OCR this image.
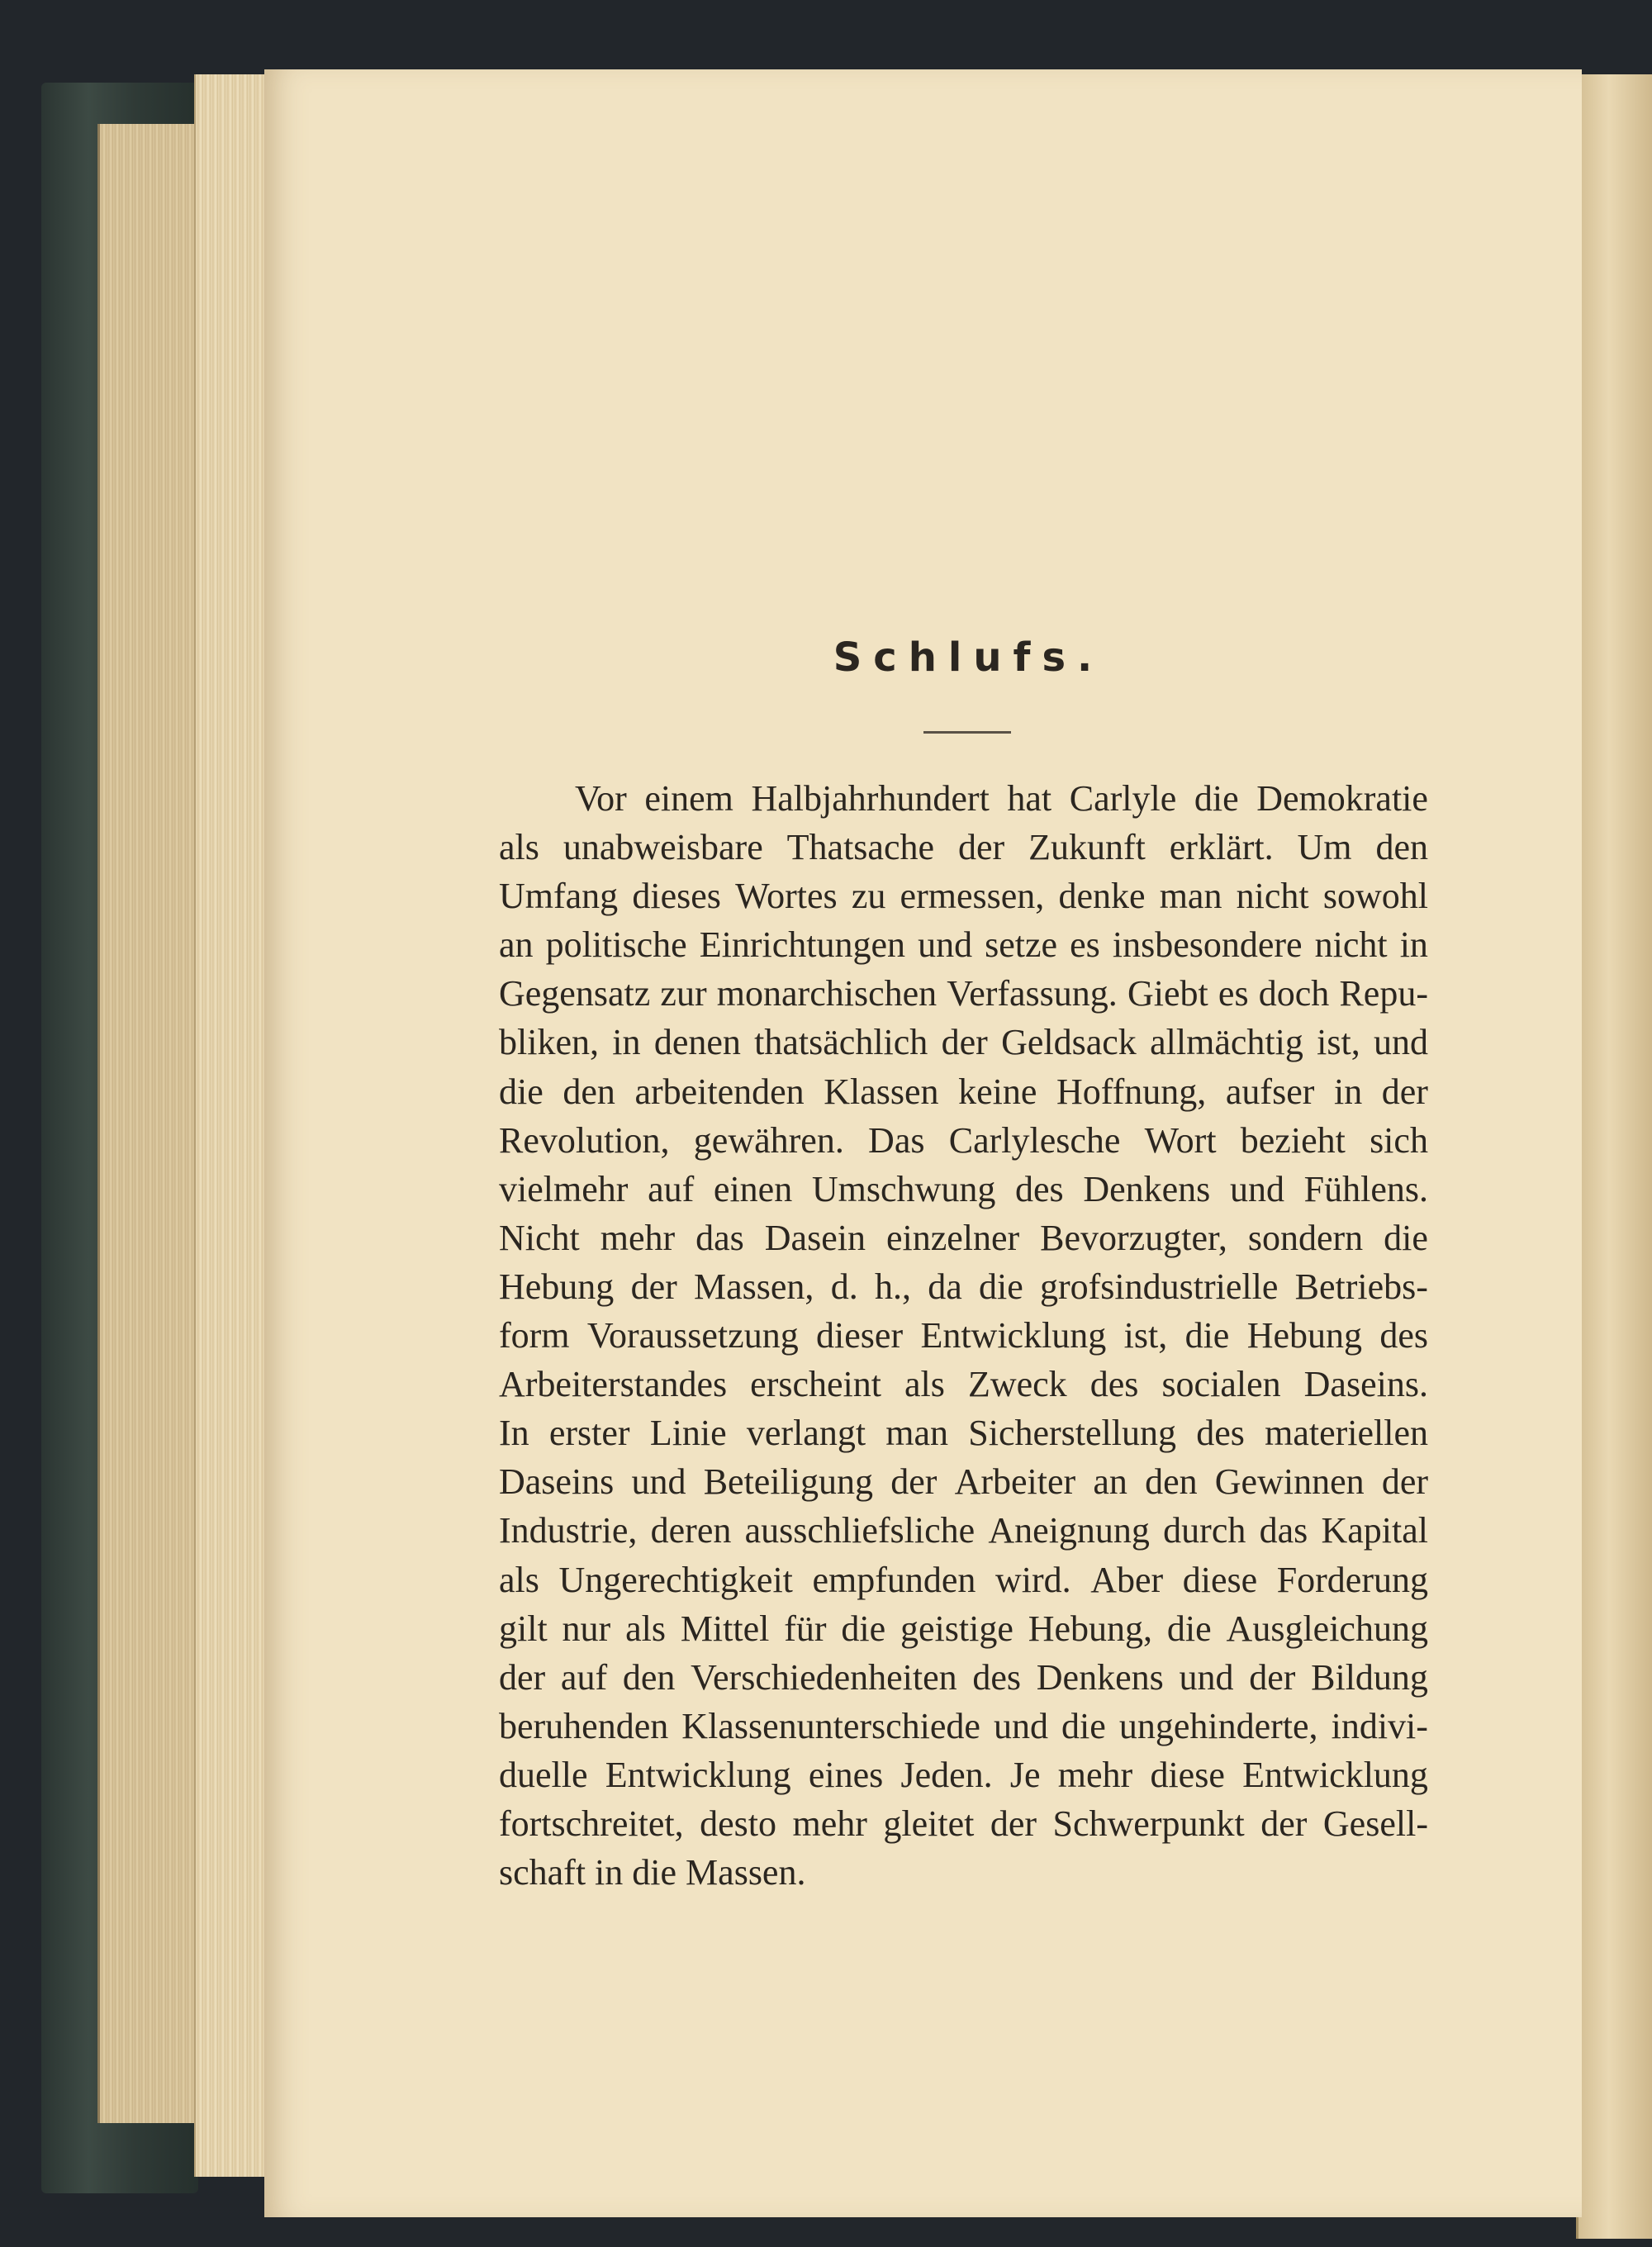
Schlufs.
Vor einem Halbjahrhundert hat Carlyle die Demokratie
als unabweisbare Thatsache der Zukunft erklärt. Um den
Umfang dieses Wortes zu ermessen, denke man nicht sowohl
an politische Einrichtungen und setze es insbesondere nicht in
Gegensatz zur monarchischen Verfassung. Giebt es doch Repu-
bliken, in denen thatsächlich der Geldsack allmächtig ist, und
die den arbeitenden Klassen keine Hoffnung, aufser in der
Revolution, gewähren. Das Carlylesche Wort bezieht sich
vielmehr auf einen Umschwung des Denkens und Fühlens.
Nicht mehr das Dasein einzelner Bevorzugter, sondern die
Hebung der Massen, d. h., da die grofsindustrielle Betriebs-
form Voraussetzung dieser Entwicklung ist, die Hebung des
Arbeiterstandes erscheint als Zweck des socialen Daseins.
In erster Linie verlangt man Sicherstellung des materiellen
Daseins und Beteiligung der Arbeiter an den Gewinnen der
Industrie, deren ausschliefsliche Aneignung durch das Kapital
als Ungerechtigkeit empfunden wird. Aber diese Forderung
gilt nur als Mittel für die geistige Hebung, die Ausgleichung
der auf den Verschiedenheiten des Denkens und der Bildung
beruhenden Klassenunterschiede und die ungehinderte, indivi-
duelle Entwicklung eines Jeden. Je mehr diese Entwicklung
fortschreitet, desto mehr gleitet der Schwerpunkt der Gesell-
schaft in die Massen.
